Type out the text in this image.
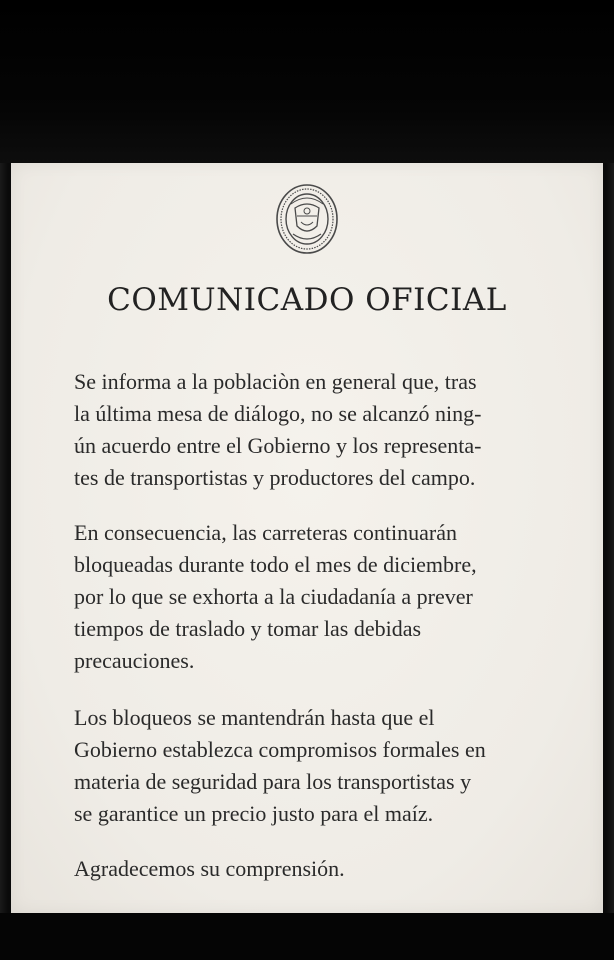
COMUNICADO OFICIAL

Se informa a la poblaciòn en general que, tras
la última mesa de diálogo, no se alcanzó ning-
ún acuerdo entre el Gobierno y los representa-
tes de transportistas y productores del campo.

En consecuencia, las carreteras continuarán
bloqueadas durante todo el mes de diciembre,
por lo que se exhorta a la ciudadanía a prever
tiempos de traslado y tomar las debidas
precauciones.

Los bloqueos se mantendrán hasta que el
Gobierno establezca compromisos formales en
materia de seguridad para los transportistas y
se garantice un precio justo para el maíz.

Agradecemos su comprensión.
